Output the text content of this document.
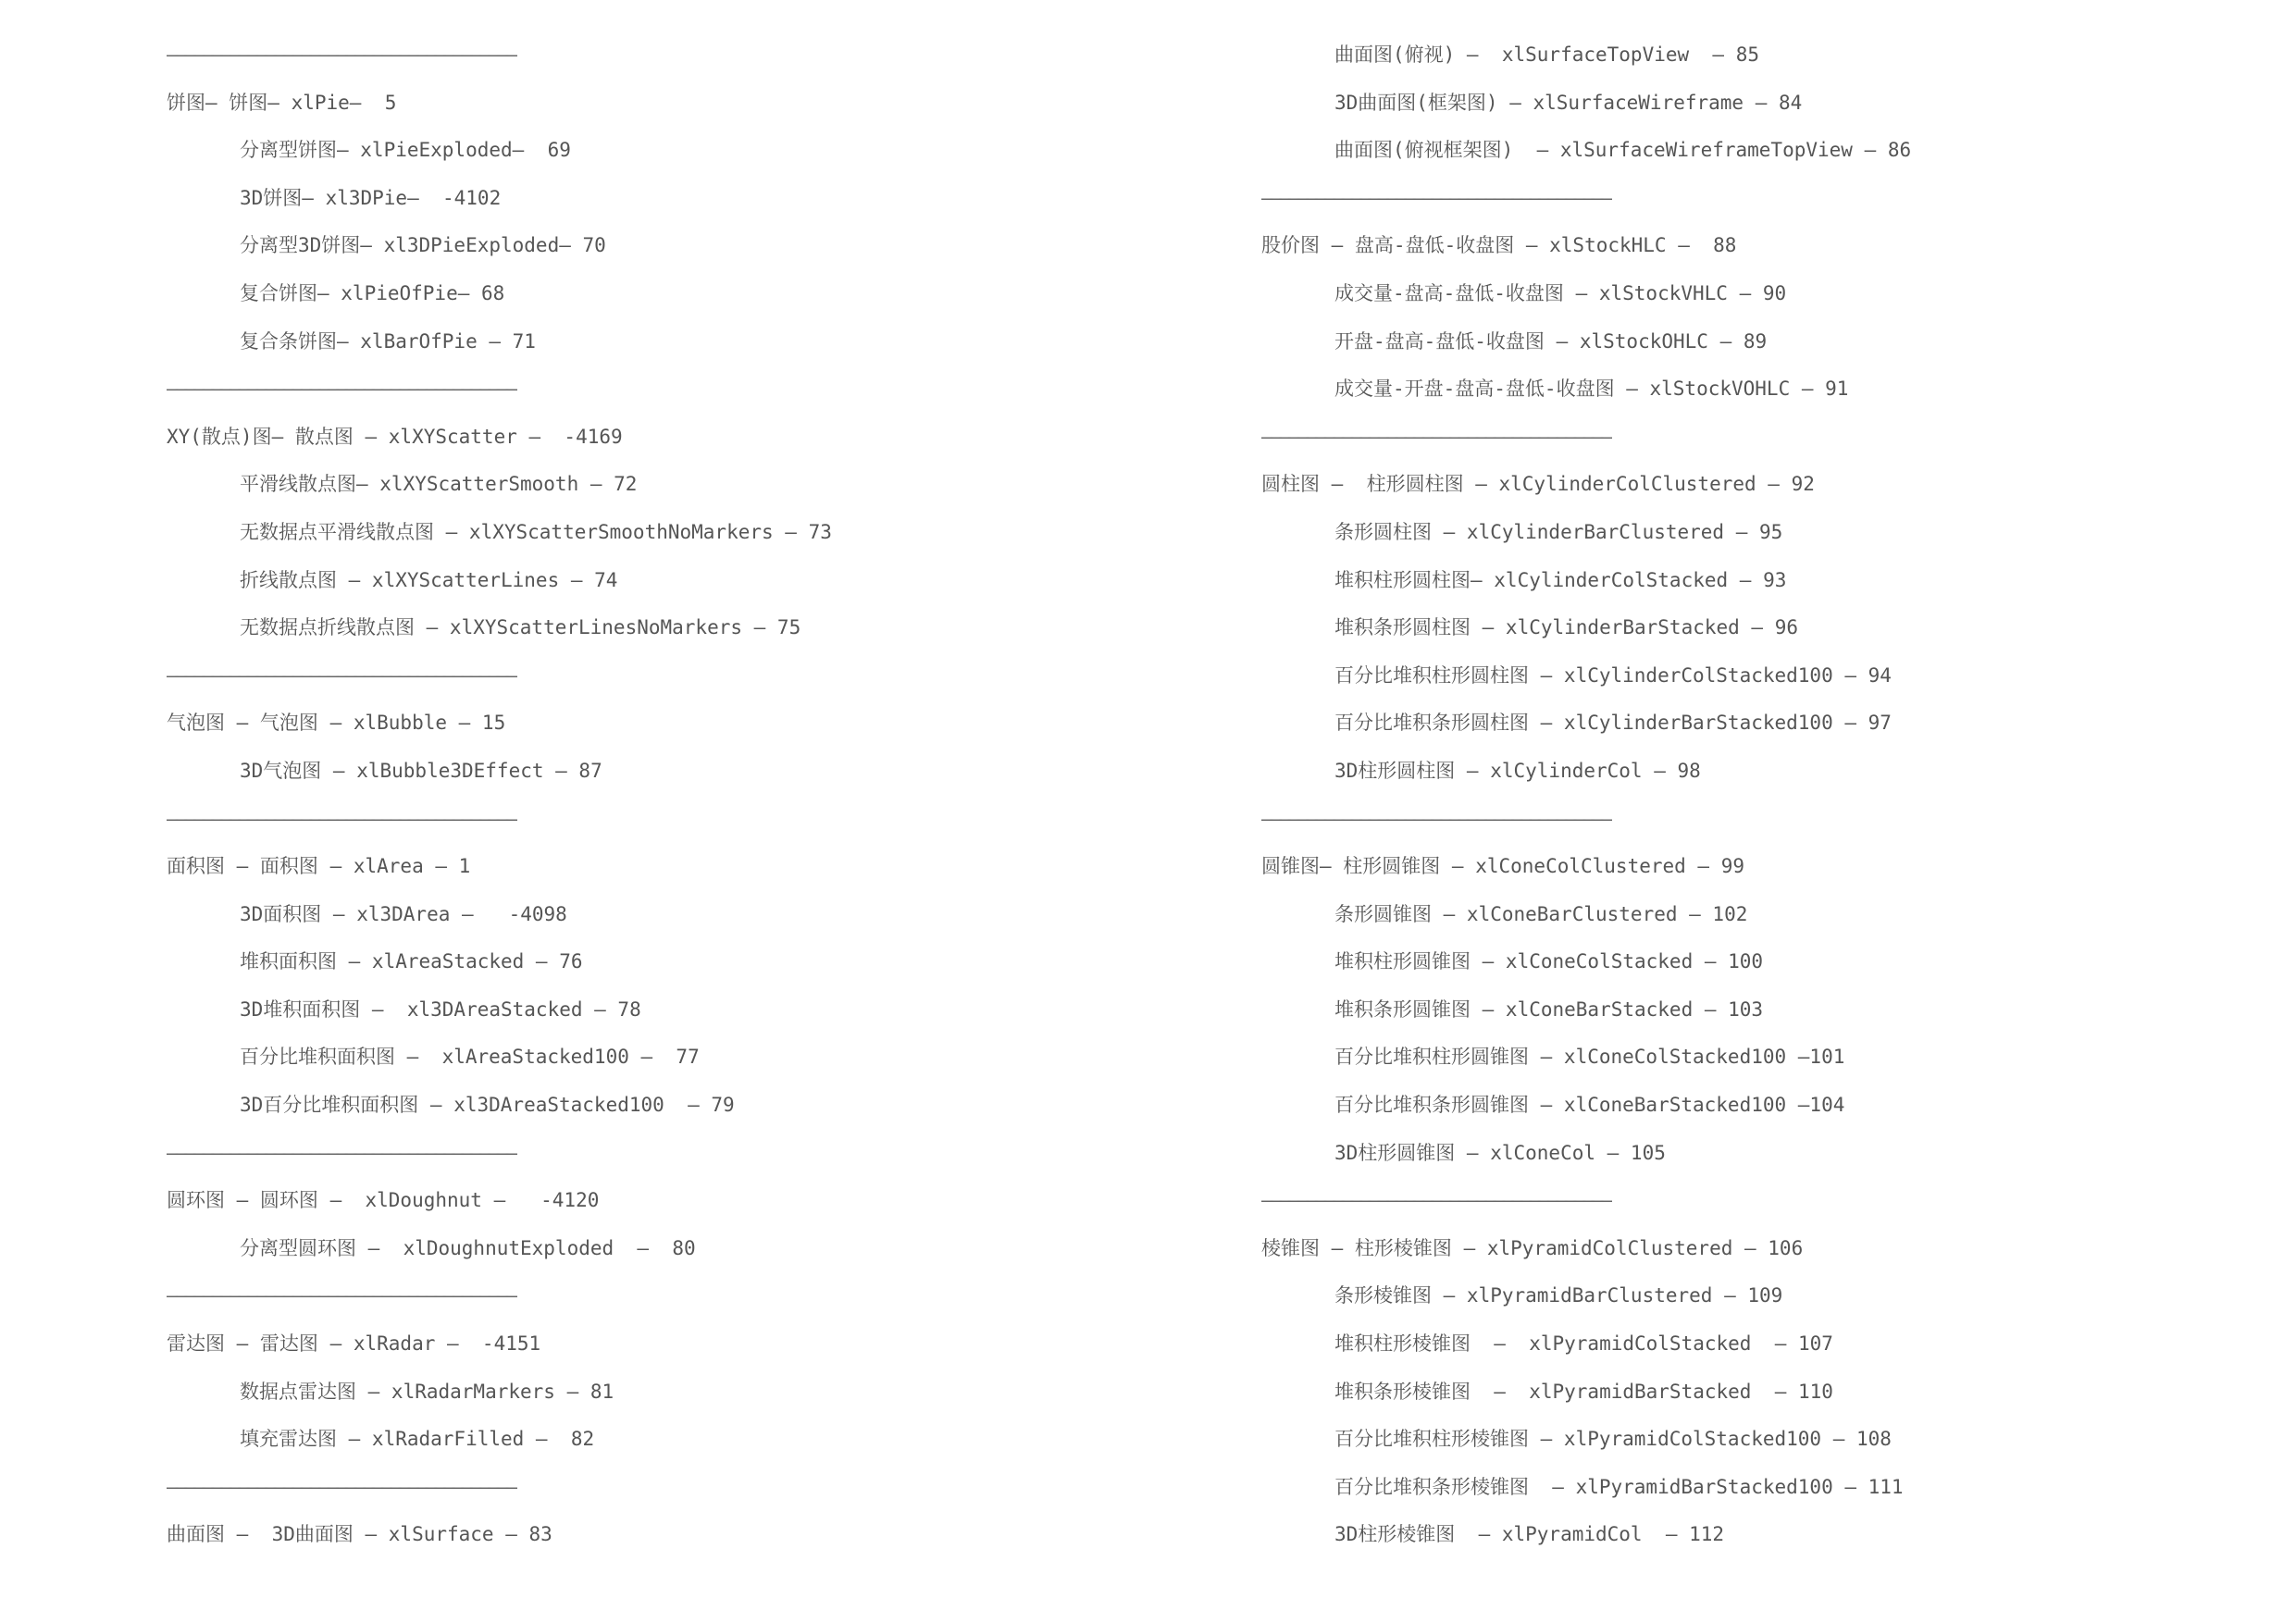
———————————————————————————————————————
饼图— 饼图— xlPie—  5
分离型饼图— xlPieExploded—  69
3D饼图— xl3DPie—  -4102
分离型3D饼图— xl3DPieExploded— 70
复合饼图— xlPieOfPie— 68
复合条饼图— xlBarOfPie — 71
———————————————————————————————————————
XY(散点)图— 散点图 — xlXYScatter —  -4169
平滑线散点图— xlXYScatterSmooth — 72
无数据点平滑线散点图 — xlXYScatterSmoothNoMarkers — 73
折线散点图 — xlXYScatterLines — 74
无数据点折线散点图 — xlXYScatterLinesNoMarkers — 75
———————————————————————————————————————
气泡图 — 气泡图 — xlBubble — 15
3D气泡图 — xlBubble3DEffect — 87
———————————————————————————————————————
面积图 — 面积图 — xlArea — 1
3D面积图 — xl3DArea —   -4098
堆积面积图 — xlAreaStacked — 76
3D堆积面积图 —  xl3DAreaStacked — 78
百分比堆积面积图 —  xlAreaStacked100 —  77
3D百分比堆积面积图 — xl3DAreaStacked100  — 79
———————————————————————————————————————
圆环图 — 圆环图 —  xlDoughnut —   -4120
分离型圆环图 —  xlDoughnutExploded  —  80
———————————————————————————————————————
雷达图 — 雷达图 — xlRadar —  -4151
数据点雷达图 — xlRadarMarkers — 81
填充雷达图 — xlRadarFilled —  82
———————————————————————————————————————
曲面图 —  3D曲面图 — xlSurface — 83
曲面图(俯视) —  xlSurfaceTopView  — 85
3D曲面图(框架图) — xlSurfaceWireframe — 84
曲面图(俯视框架图)  — xlSurfaceWireframeTopView — 86
———————————————————————————————————————
股价图 — 盘高-盘低-收盘图 — xlStockHLC —  88
成交量-盘高-盘低-收盘图 — xlStockVHLC — 90
开盘-盘高-盘低-收盘图 — xlStockOHLC — 89
成交量-开盘-盘高-盘低-收盘图 — xlStockVOHLC — 91
———————————————————————————————————————
圆柱图 —  柱形圆柱图 — xlCylinderColClustered — 92
条形圆柱图 — xlCylinderBarClustered — 95
堆积柱形圆柱图— xlCylinderColStacked — 93
堆积条形圆柱图 — xlCylinderBarStacked — 96
百分比堆积柱形圆柱图 — xlCylinderColStacked100 — 94
百分比堆积条形圆柱图 — xlCylinderBarStacked100 — 97
3D柱形圆柱图 — xlCylinderCol — 98
———————————————————————————————————————
圆锥图— 柱形圆锥图 — xlConeColClustered — 99
条形圆锥图 — xlConeBarClustered — 102
堆积柱形圆锥图 — xlConeColStacked — 100
堆积条形圆锥图 — xlConeBarStacked — 103
百分比堆积柱形圆锥图 — xlConeColStacked100 —101
百分比堆积条形圆锥图 — xlConeBarStacked100 —104
3D柱形圆锥图 — xlConeCol — 105
———————————————————————————————————————
棱锥图 — 柱形棱锥图 — xlPyramidColClustered — 106
条形棱锥图 — xlPyramidBarClustered — 109
堆积柱形棱锥图  —  xlPyramidColStacked  — 107
堆积条形棱锥图  —  xlPyramidBarStacked  — 110
百分比堆积柱形棱锥图 — xlPyramidColStacked100 — 108
百分比堆积条形棱锥图  — xlPyramidBarStacked100 — 111
3D柱形棱锥图  — xlPyramidCol  — 112
